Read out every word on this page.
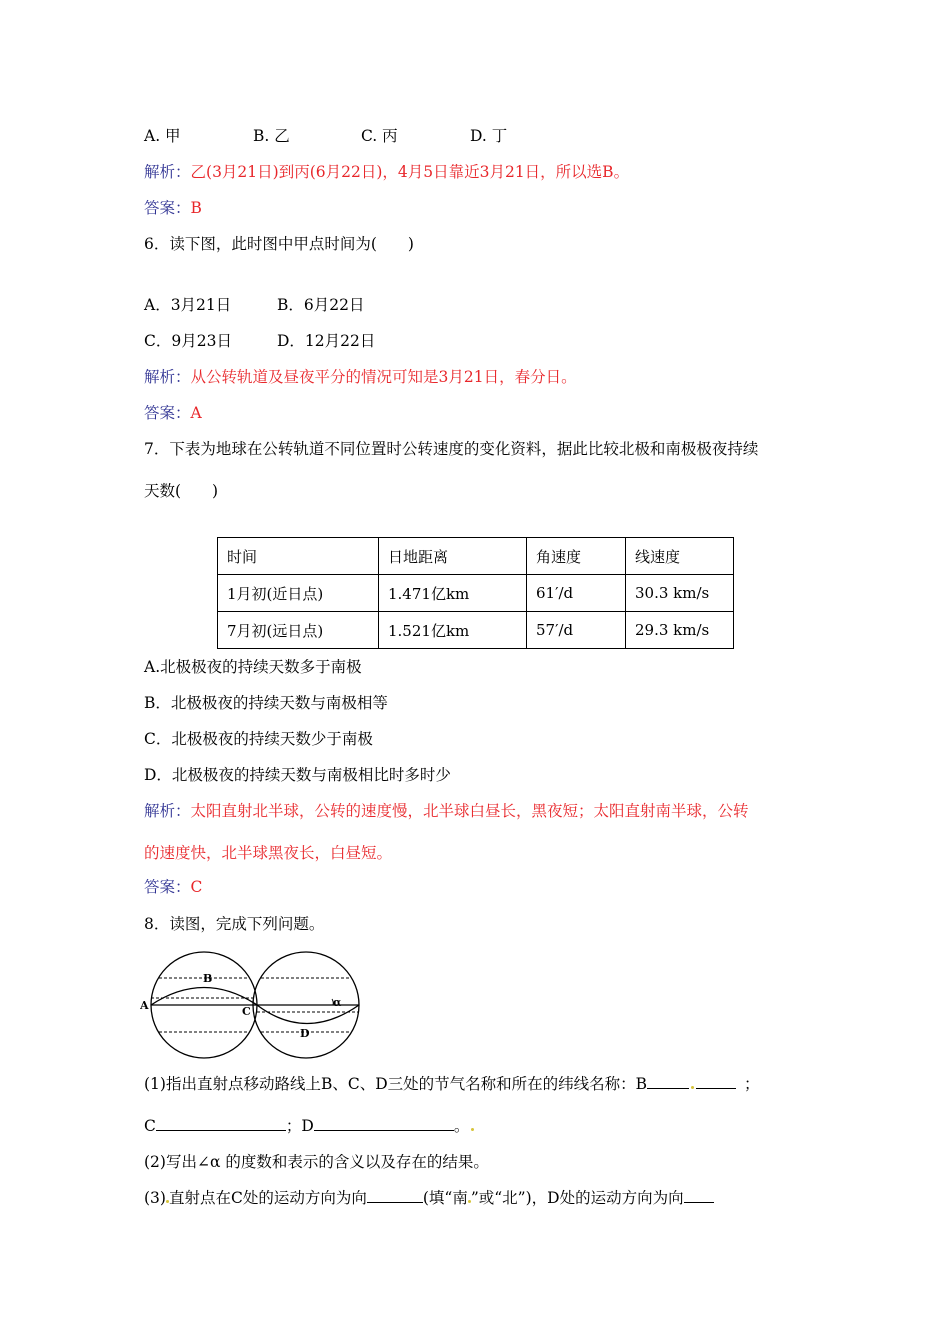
A. 甲	B. 乙	C. 丙	D. 丁
解析：乙(3月21日)到丙(6月22日)，4月5日靠近3月21日，所以选B。
答案：B
6．读下图，此时图中甲点时间为(　　)
A．3月21日	B．6月22日
C．9月23日	D．12月22日
解析：从公转轨道及昼夜平分的情况可知是3月21日，春分日。
答案：A
7．下表为地球在公转轨道不同位置时公转速度的变化资料，据此比较北极和南极极夜持续
天数(　　)
时间	日地距离	角速度	线速度
1月初(近日点)	1.471亿km	61′/d	30.3 km/s
7月初(远日点)	1.521亿km	57′/d	29.3 km/s
A.北极极夜的持续天数多于南极
B．北极极夜的持续天数与南极相等
C．北极极夜的持续天数少于南极
D．北极极夜的持续天数与南极相比时多时少
解析：太阳直射北半球，公转的速度慢，北半球白昼长，黑夜短；太阳直射南半球，公转
的速度快，北半球黑夜长，白昼短。
答案：C
8．读图，完成下列问题。
A
B
C
D
α
(1)指出直射点移动路线上B、C、D三处的节气名称和所在的纬线名称：B	；
C	；D	。
(2)写出∠α 的度数和表示的含义以及存在的结果。
(3) 直射点在C处的运动方向为向	(填“南 ”或“北”)，D处的运动方向为向
